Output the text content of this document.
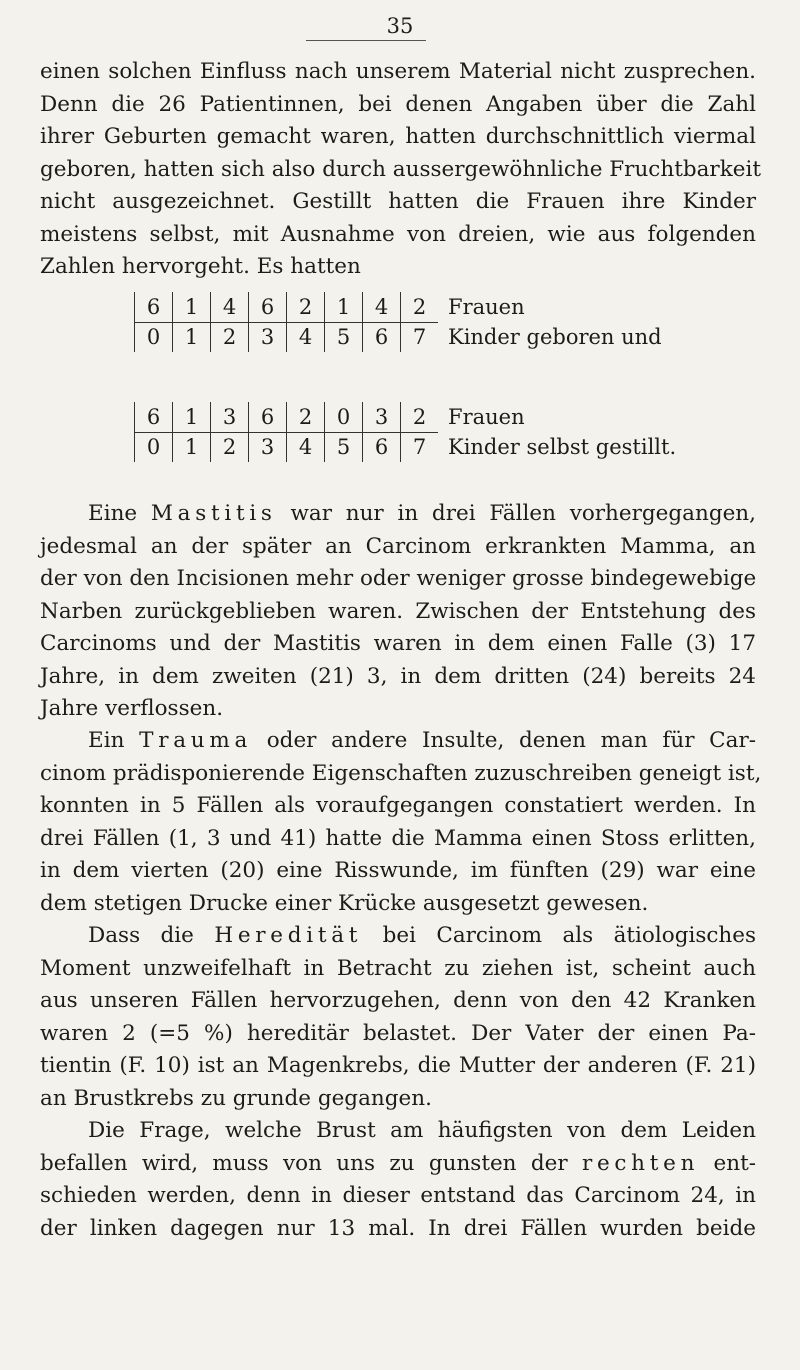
35
einen solchen Einfluss nach unserem Material nicht zusprechen.
Denn die 26 Patientinnen, bei denen Angaben über die Zahl
ihrer Geburten gemacht waren, hatten durchschnittlich viermal
geboren, hatten sich also durch aussergewöhnliche Fruchtbarkeit
nicht ausgezeichnet. Gestillt hatten die Frauen ihre Kinder
meistens selbst, mit Ausnahme von dreien, wie aus folgenden
Zahlen hervorgeht. Es hatten
6	1	4	6	2	1	4	2	Frauen
0	1	2	3	4	5	6	7	Kinder geboren und
6	1	3	6	2	0	3	2	Frauen
0	1	2	3	4	5	6	7	Kinder selbst gestillt.
Eine Mastitis war nur in drei Fällen vorhergegangen,
jedesmal an der später an Carcinom erkrankten Mamma, an
der von den Incisionen mehr oder weniger grosse bindegewebige
Narben zurückgeblieben waren. Zwischen der Entstehung des
Carcinoms und der Mastitis waren in dem einen Falle (3) 17
Jahre, in dem zweiten (21) 3, in dem dritten (24) bereits 24
Jahre verflossen.
Ein Trauma oder andere Insulte, denen man für Car-
cinom prädisponierende Eigenschaften zuzuschreiben geneigt ist,
konnten in 5 Fällen als voraufgegangen constatiert werden. In
drei Fällen (1, 3 und 41) hatte die Mamma einen Stoss erlitten,
in dem vierten (20) eine Risswunde, im fünften (29) war eine
dem stetigen Drucke einer Krücke ausgesetzt gewesen.
Dass die Heredität bei Carcinom als ätiologisches
Moment unzweifelhaft in Betracht zu ziehen ist, scheint auch
aus unseren Fällen hervorzugehen, denn von den 42 Kranken
waren 2 (=5 %) hereditär belastet. Der Vater der einen Pa-
tientin (F. 10) ist an Magenkrebs, die Mutter der anderen (F. 21)
an Brustkrebs zu grunde gegangen.
Die Frage, welche Brust am häufigsten von dem Leiden
befallen wird, muss von uns zu gunsten der rechten ent-
schieden werden, denn in dieser entstand das Carcinom 24, in
der linken dagegen nur 13 mal. In drei Fällen wurden beide
